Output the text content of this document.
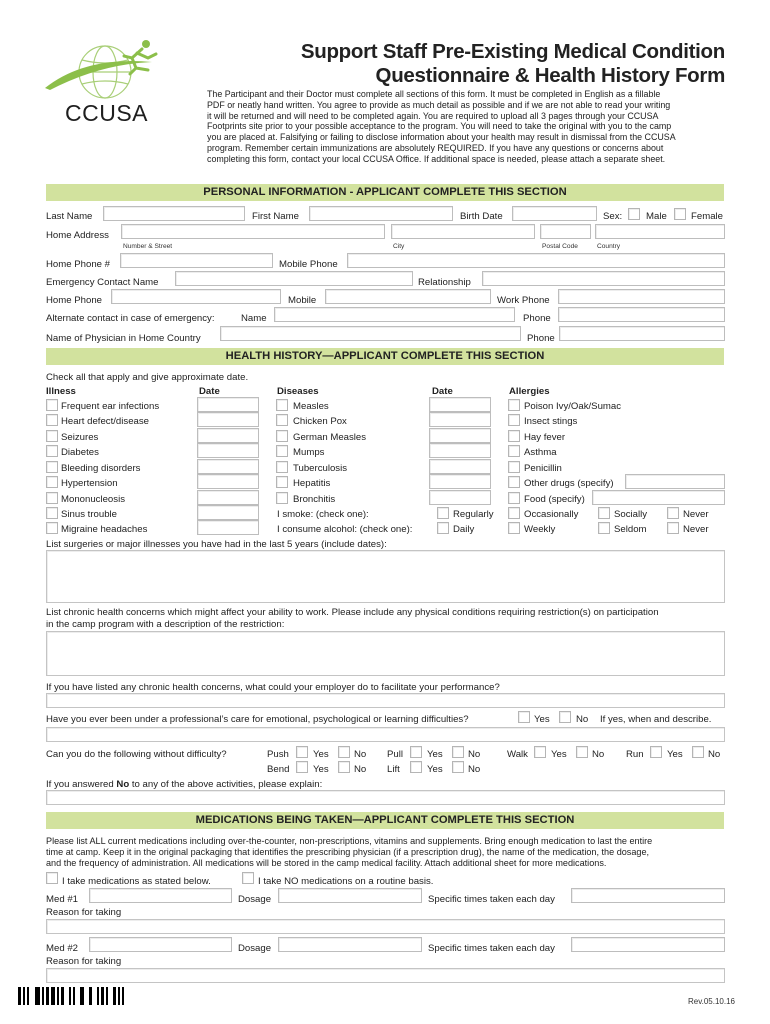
CCUSA
Support Staff Pre-Existing Medical Condition
Questionnaire & Health History Form
The Participant and their Doctor must complete all sections of this form. It must be completed in English as a fillable
PDF or neatly hand written. You agree to provide as much detail as possible and if we are not able to read your writing
it will be returned and will need to be completed again. You are required to upload all 3 pages through your CCUSA
Footprints site prior to your possible acceptance to the program. You will need to take the original with you to the camp
you are placed at. Falsifying or failing to disclose information about your health may result in dismissal from the CCUSA
program. Remember certain immunizations are absolutely REQUIRED. If you have any questions or concerns about
completing this form, contact your local CCUSA Office. If additional space is needed, please attach a separate sheet.
PERSONAL INFORMATION - APPLICANT COMPLETE THIS SECTION
Last Name	First Name	Birth Date	Sex: Male	Female
Home Address
Number & Street	City	Postal Code	Country
Home Phone #	Mobile Phone
Emergency Contact Name	Relationship
Home Phone	Mobile	Work Phone
Alternate contact in case of emergency:	Name	Phone
Name of Physician in Home Country	Phone
HEALTH HISTORY—APPLICANT COMPLETE THIS SECTION
Check all that apply and give approximate date.
Illness	Date	Diseases	Date	Allergies
Frequent ear infections	Measles	Poison Ivy/Oak/Sumac
Heart defect/disease	Chicken Pox	Insect stings
Seizures	German Measles	Hay fever
Diabetes	Mumps	Asthma
Bleeding disorders	Tuberculosis	Penicillin
Hypertension	Hepatitis	Other drugs (specify)
Mononucleosis	Bronchitis	Food (specify)
Sinus trouble	I smoke: (check one):	Regularly	Occasionally	Socially	Never
Migraine headaches	I consume alcohol: (check one):	Daily	Weekly	Seldom	Never
List surgeries or major illnesses you have had in the last 5 years (include dates):
List chronic health concerns which might affect your ability to work. Please include any physical conditions requiring restriction(s) on participation
in the camp program with a description of the restriction:
If you have listed any chronic health concerns, what could your employer do to facilitate your performance?
Have you ever been under a professional’s care for emotional, psychological or learning difficulties?	Yes	No If yes, when and describe.
Can you do the following without difficulty?	Push	Yes	No Pull	Yes	No	Walk Yes	No Run Yes	No
Bend Yes	No Lift	Yes	No
If you answered No to any of the above activities, please explain:
MEDICATIONS BEING TAKEN—APPLICANT COMPLETE THIS SECTION
Please list ALL current medications including over-the-counter, non-prescriptions, vitamins and supplements. Bring enough medication to last the entire
time at camp. Keep it in the original packaging that identifies the prescribing physician (if a prescription drug), the name of the medication, the dosage,
and the frequency of administration. All medications will be stored in the camp medical facility. Attach additional sheet for more medications.
I take medications as stated below.	I take NO medications on a routine basis.
Med #1	Dosage	Specific times taken each day
Reason for taking
Med #2	Dosage	Specific times taken each day
Reason for taking
Rev.05.10.16
